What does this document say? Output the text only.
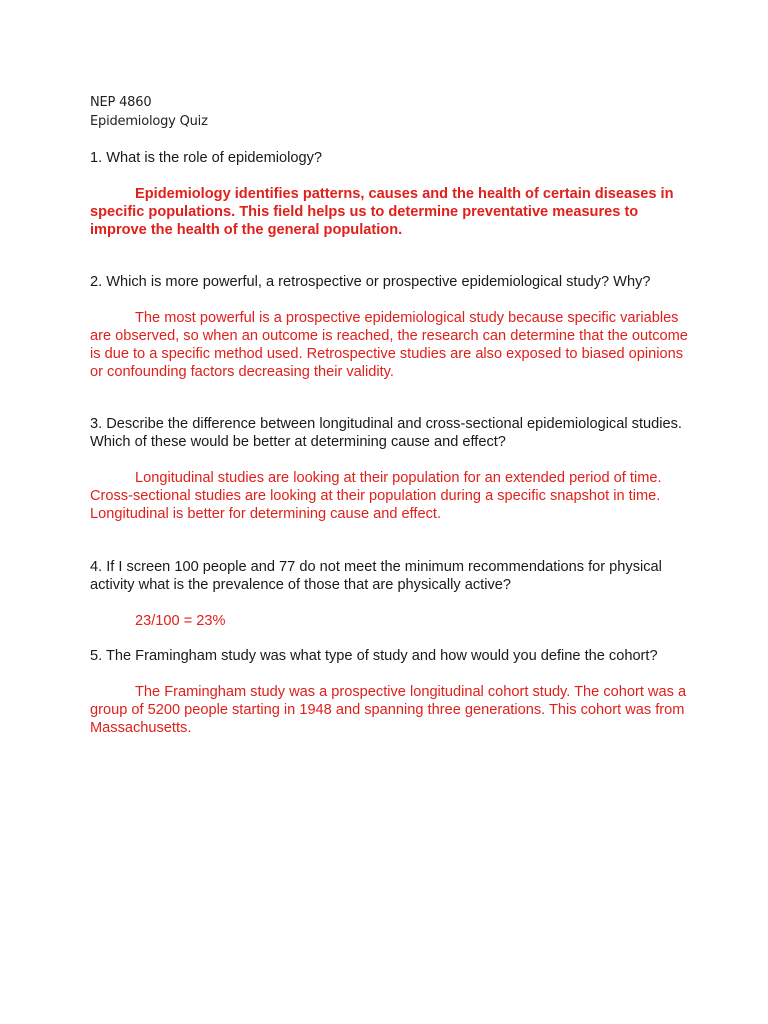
NEP 4860
Epidemiology Quiz

1. What is the role of epidemiology?

Epidemiology identifies patterns, causes and the health of certain diseases in specific populations. This field helps us to determine preventative measures to improve the health of the general population.

2. Which is more powerful, a retrospective or prospective epidemiological study? Why?

The most powerful is a prospective epidemiological study because specific variables are observed, so when an outcome is reached, the research can determine that the outcome is due to a specific method used. Retrospective studies are also exposed to biased opinions or confounding factors decreasing their validity.

3. Describe the difference between longitudinal and cross-sectional epidemiological studies. Which of these would be better at determining cause and effect?

Longitudinal studies are looking at their population for an extended period of time. Cross-sectional studies are looking at their population during a specific snapshot in time. Longitudinal is better for determining cause and effect.

4. If I screen 100 people and 77 do not meet the minimum recommendations for physical activity what is the prevalence of those that are physically active?

23/100 = 23%

5. The Framingham study was what type of study and how would you define the cohort?

The Framingham study was a prospective longitudinal cohort study. The cohort was a group of 5200 people starting in 1948 and spanning three generations. This cohort was from Massachusetts.
